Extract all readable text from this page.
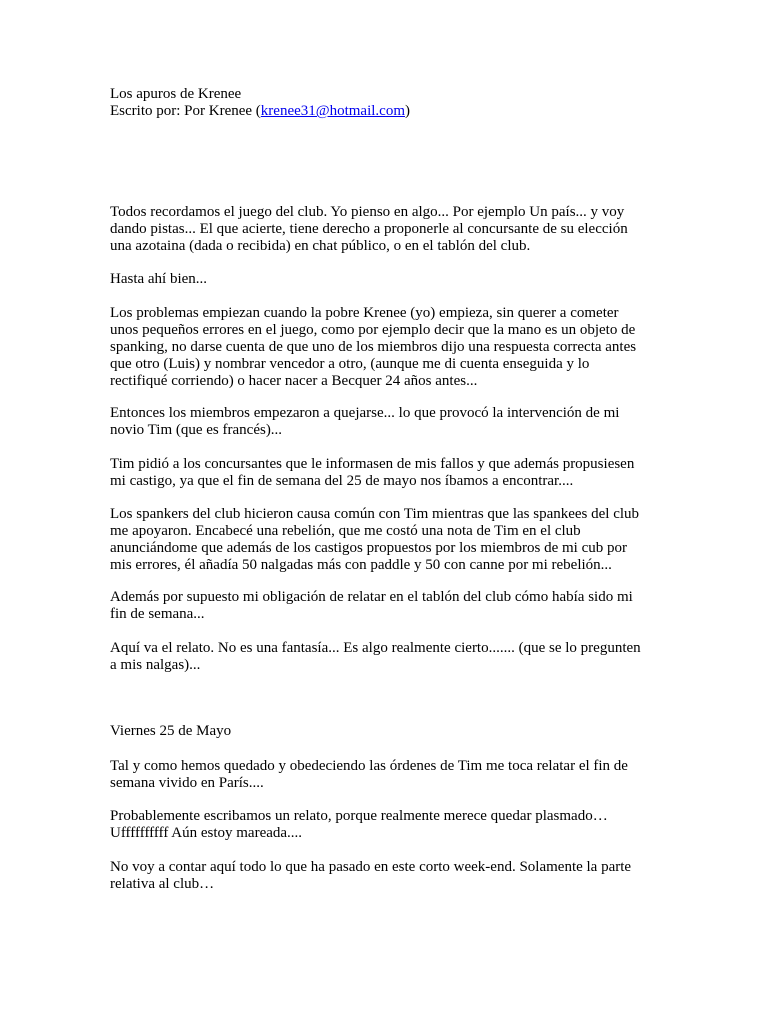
Los apuros de Krenee
Escrito por: Por Krenee (krenee31@hotmail.com)
Todos recordamos el juego del club. Yo pienso en algo... Por ejemplo Un país... y voy
dando pistas... El que acierte, tiene derecho a proponerle al concursante de su elección
una azotaina (dada o recibida) en chat público, o en el tablón del club.
Hasta ahí bien...
Los problemas empiezan cuando la pobre Krenee (yo) empieza, sin querer a cometer
unos pequeños errores en el juego, como por ejemplo decir que la mano es un objeto de
spanking, no darse cuenta de que uno de los miembros dijo una respuesta correcta antes
que otro (Luis) y nombrar vencedor a otro, (aunque me di cuenta enseguida y lo
rectifiqué corriendo) o hacer nacer a Becquer 24 años antes...
Entonces los miembros empezaron a quejarse... lo que provocó la intervención de mi
novio Tim (que es francés)...
Tim pidió a los concursantes que le informasen de mis fallos y que además propusiesen
mi castigo, ya que el fin de semana del 25 de mayo nos íbamos a encontrar....
Los spankers del club hicieron causa común con Tim mientras que las spankees del club
me apoyaron. Encabecé una rebelión, que me costó una nota de Tim en el club
anunciándome que además de los castigos propuestos por los miembros de mi cub por
mis errores, él añadía 50 nalgadas más con paddle y 50 con canne por mi rebelión...
Además por supuesto mi obligación de relatar en el tablón del club cómo había sido mi
fin de semana...
Aquí va el relato. No es una fantasía... Es algo realmente cierto....... (que se lo pregunten
a mis nalgas)...
Viernes 25 de Mayo
Tal y como hemos quedado y obedeciendo las órdenes de Tim me toca relatar el fin de
semana vivido en París....
Probablemente escribamos un relato, porque realmente merece quedar plasmado…
Uffffffffff Aún estoy mareada....
No voy a contar aquí todo lo que ha pasado en este corto week-end. Solamente la parte
relativa al club…
